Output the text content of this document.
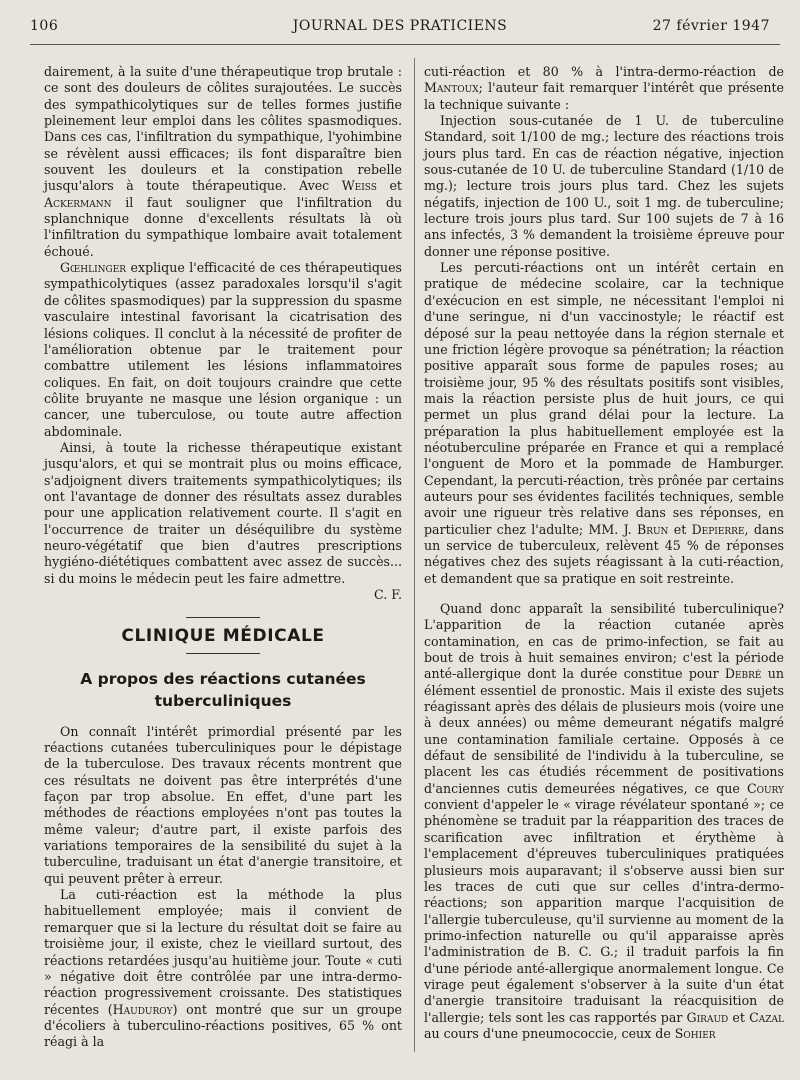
106	JOURNAL DES PRATICIENS	27 février 1947

dairement, à la suite d'une thérapeutique trop brutale : ce sont des douleurs de côlites surajoutées. Le succès des sympathicolytiques sur de telles formes justifie pleinement leur emploi dans les côlites spasmodiques. Dans ces cas, l'infiltration du sympathique, l'yohimbine se révèlent aussi efficaces; ils font disparaître bien souvent les douleurs et la constipation rebelle jusqu'alors à toute thérapeutique. Avec Weiss et Ackermann il faut souligner que l'infiltration du splanchnique donne d'excellents résultats là où l'infiltration du sympathique lombaire avait totalement échoué.

Gœhlinger explique l'efficacité de ces thérapeutiques sympathicolytiques (assez paradoxales lorsqu'il s'agit de côlites spasmodiques) par la suppression du spasme vasculaire intestinal favorisant la cicatrisation des lésions coliques. Il conclut à la nécessité de profiter de l'amélioration obtenue par le traitement pour combattre utilement les lésions inflammatoires coliques. En fait, on doit toujours craindre que cette côlite bruyante ne masque une lésion organique : un cancer, une tuberculose, ou toute autre affection abdominale.

Ainsi, à toute la richesse thérapeutique existant jusqu'alors, et qui se montrait plus ou moins efficace, s'adjoignent divers traitements sympathicolytiques; ils ont l'avantage de donner des résultats assez durables pour une application relativement courte. Il s'agit en l'occurrence de traiter un déséquilibre du système neuro-végétatif que bien d'autres prescriptions hygiéno-diététiques combattent avec assez de succès... si du moins le médecin peut les faire admettre.

C. F.

CLINIQUE MÉDICALE
A propos des réactions cutanées
tuberculiniques

On connaît l'intérêt primordial présenté par les réactions cutanées tuberculiniques pour le dépistage de la tuberculose. Des travaux récents montrent que ces résultats ne doivent pas être interprétés d'une façon par trop absolue. En effet, d'une part les méthodes de réactions employées n'ont pas toutes la même valeur; d'autre part, il existe parfois des variations temporaires de la sensibilité du sujet à la tuberculine, traduisant un état d'anergie transitoire, et qui peuvent prêter à erreur.

La cuti-réaction est la méthode la plus habituellement employée; mais il convient de remarquer que si la lecture du résultat doit se faire au troisième jour, il existe, chez le vieillard surtout, des réactions retardées jusqu'au huitième jour. Toute « cuti » négative doit être contrôlée par une intra-dermo-réaction progressivement croissante. Des statistiques récentes (Hauduroy) ont montré que sur un groupe d'écoliers à tuberculino-réactions positives, 65 % ont réagi à la

cuti-réaction et 80 % à l'intra-dermo-réaction de Mantoux; l'auteur fait remarquer l'intérêt que présente la technique suivante :

Injection sous-cutanée de 1 U. de tuberculine Standard, soit 1/100 de mg.; lecture des réactions trois jours plus tard. En cas de réaction négative, injection sous-cutanée de 10 U. de tuberculine Standard (1/10 de mg.); lecture trois jours plus tard. Chez les sujets négatifs, injection de 100 U., soit 1 mg. de tuberculine; lecture trois jours plus tard. Sur 100 sujets de 7 à 16 ans infectés, 3 % demandent la troisième épreuve pour donner une réponse positive.

Les percuti-réactions ont un intérêt certain en pratique de médecine scolaire, car la technique d'exécucion en est simple, ne nécessitant l'emploi ni d'une seringue, ni d'un vaccinostyle; le réactif est déposé sur la peau nettoyée dans la région sternale et une friction légère provoque sa pénétration; la réaction positive apparaît sous forme de papules roses; au troisième jour, 95 % des résultats positifs sont visibles, mais la réaction persiste plus de huit jours, ce qui permet un plus grand délai pour la lecture. La préparation la plus habituellement employée est la néotuberculine préparée en France et qui a remplacé l'onguent de Moro et la pommade de Hamburger. Cependant, la percuti-réaction, très prônée par certains auteurs pour ses évidentes facilités techniques, semble avoir une rigueur très relative dans ses réponses, en particulier chez l'adulte; MM. J. Brun et Depierre, dans un service de tuberculeux, relèvent 45 % de réponses négatives chez des sujets réagissant à la cuti-réaction, et demandent que sa pratique en soit restreinte.

Quand donc apparaît la sensibilité tuberculinique? L'apparition de la réaction cutanée après contamination, en cas de primo-infection, se fait au bout de trois à huit semaines environ; c'est la période anté-allergique dont la durée constitue pour Debré un élément essentiel de pronostic. Mais il existe des sujets réagissant après des délais de plusieurs mois (voire une à deux années) ou même demeurant négatifs malgré une contamination familiale certaine. Opposés à ce défaut de sensibilité de l'individu à la tuberculine, se placent les cas étudiés récemment de positivations d'anciennes cutis demeurées négatives, ce que Coury convient d'appeler le « virage révélateur spontané »; ce phénomène se traduit par la réapparition des traces de scarification avec infiltration et érythème à l'emplacement d'épreuves tuberculiniques pratiquées plusieurs mois auparavant; il s'observe aussi bien sur les traces de cuti que sur celles d'intra-dermo-réactions; son apparition marque l'acquisition de l'allergie tuberculeuse, qu'il survienne au moment de la primo-infection naturelle ou qu'il apparaisse après l'administration de B. C. G.; il traduit parfois la fin d'une période anté-allergique anormalement longue. Ce virage peut également s'observer à la suite d'un état d'anergie transitoire traduisant la réacquisition de l'allergie; tels sont les cas rapportés par Giraud et Cazal au cours d'une pneumococcie, ceux de Sohier
